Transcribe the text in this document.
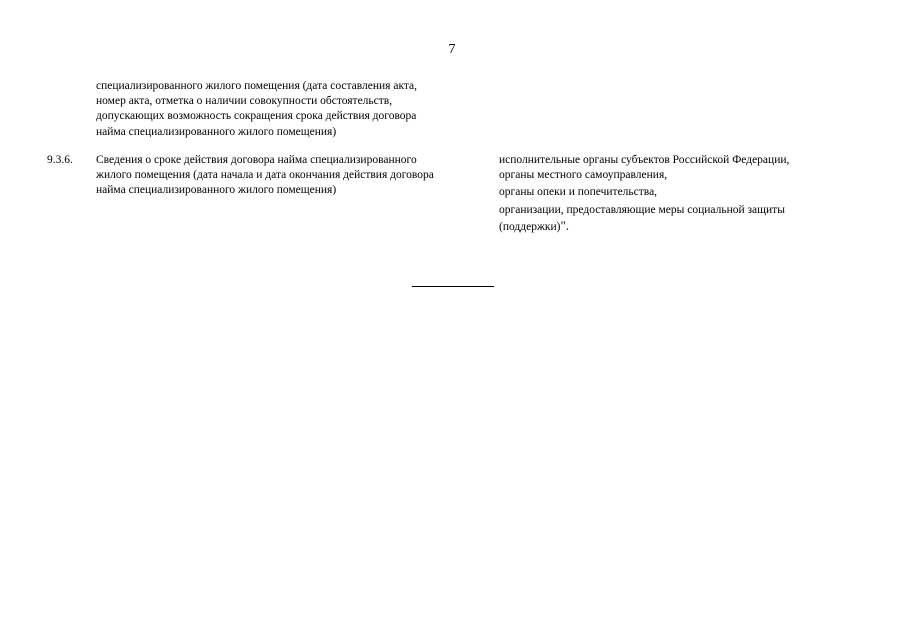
7
специализированного жилого помещения (дата составления акта,
номер акта, отметка о наличии совокупности обстоятельств,
допускающих возможность сокращения срока действия договора
найма специализированного жилого помещения)
9.3.6.	Сведения о сроке действия договора найма специализированного
жилого помещения (дата начала и дата окончания действия договора
найма специализированного жилого помещения)
исполнительные органы субъектов Российской Федерации,
органы местного самоуправления,
органы опеки и попечительства,
организации, предоставляющие меры социальной защиты
(поддержки)".
